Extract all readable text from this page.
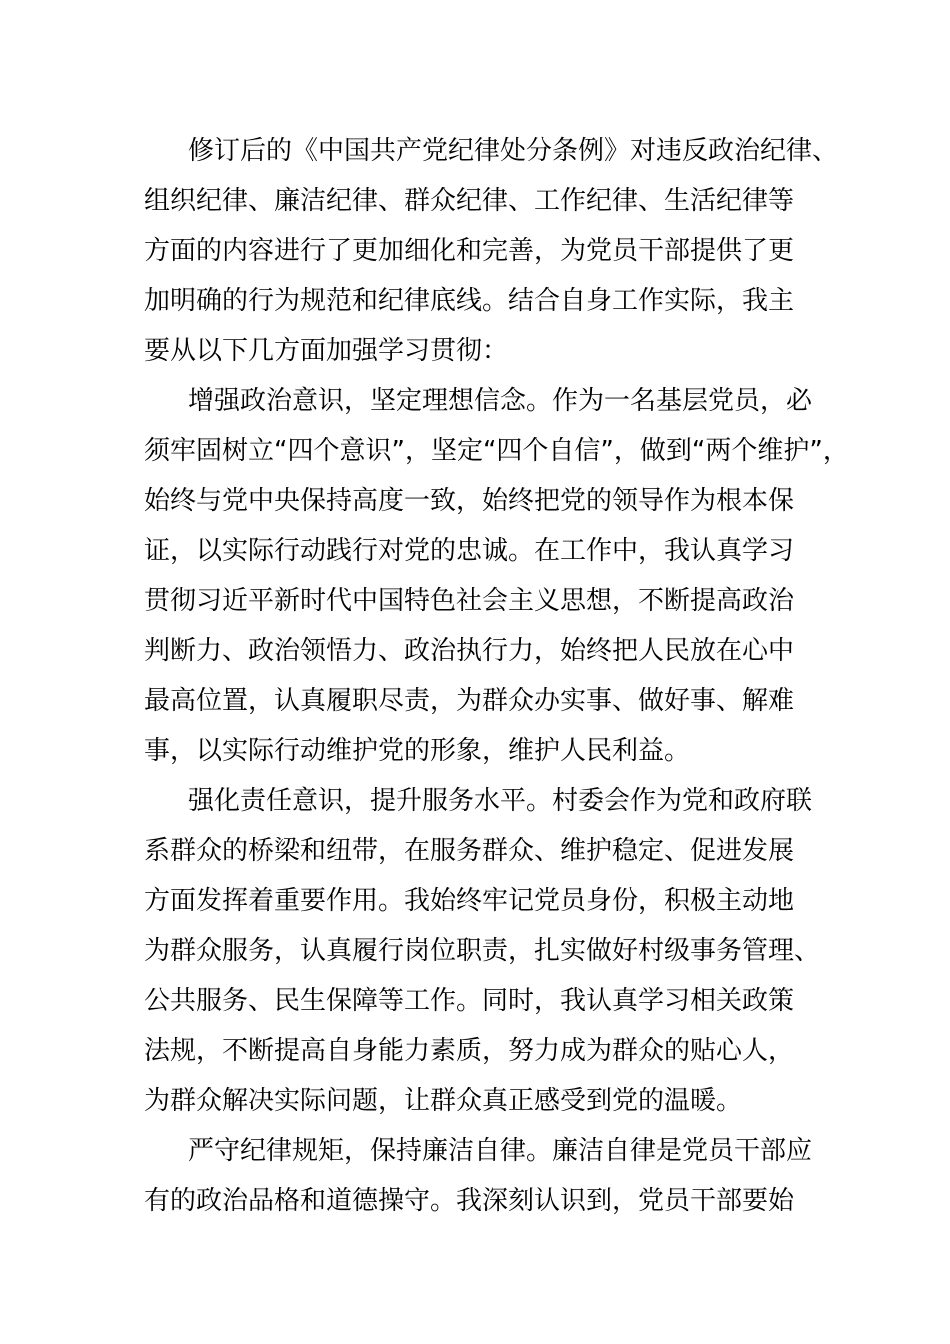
修订后的《中国共产党纪律处分条例》对违反政治纪律、
组织纪律、廉洁纪律、群众纪律、工作纪律、生活纪律等
方面的内容进行了更加细化和完善，为党员干部提供了更
加明确的行为规范和纪律底线。结合自身工作实际，我主
要从以下几方面加强学习贯彻：
增强政治意识，坚定理想信念。作为一名基层党员，必
须牢固树立“四个意识”，坚定“四个自信”，做到“两个维护”，
始终与党中央保持高度一致，始终把党的领导作为根本保
证，以实际行动践行对党的忠诚。在工作中，我认真学习
贯彻习近平新时代中国特色社会主义思想，不断提高政治
判断力、政治领悟力、政治执行力，始终把人民放在心中
最高位置，认真履职尽责，为群众办实事、做好事、解难
事，以实际行动维护党的形象，维护人民利益。
强化责任意识，提升服务水平。村委会作为党和政府联
系群众的桥梁和纽带，在服务群众、维护稳定、促进发展
方面发挥着重要作用。我始终牢记党员身份，积极主动地
为群众服务，认真履行岗位职责，扎实做好村级事务管理、
公共服务、民生保障等工作。同时，我认真学习相关政策
法规，不断提高自身能力素质，努力成为群众的贴心人，
为群众解决实际问题，让群众真正感受到党的温暖。
严守纪律规矩，保持廉洁自律。廉洁自律是党员干部应
有的政治品格和道德操守。我深刻认识到，党员干部要始
